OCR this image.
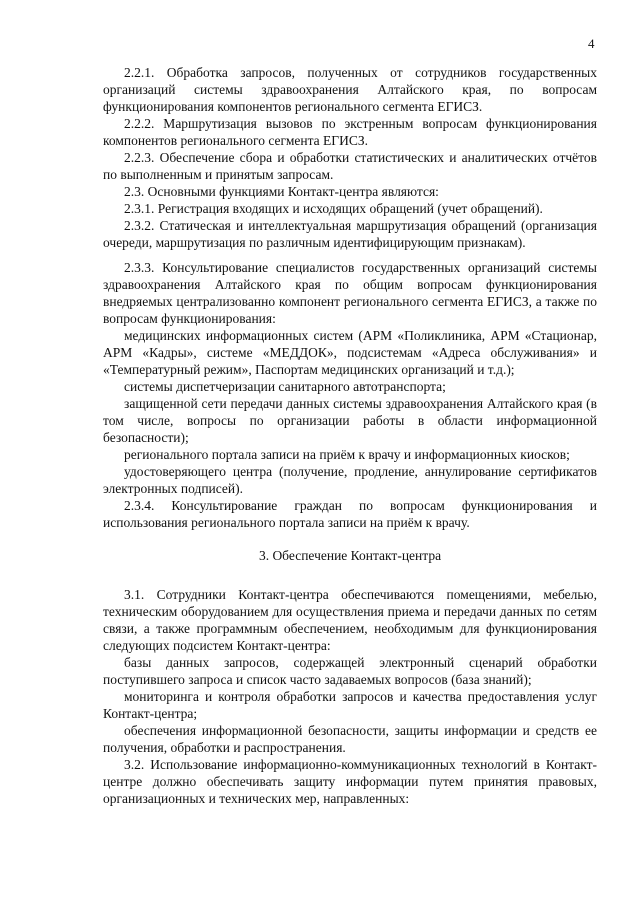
4

2.2.1. Обработка запросов, полученных от сотрудников государственных организаций системы здравоохранения Алтайского края, по вопросам функционирования компонентов регионального сегмента ЕГИСЗ.

2.2.2. Маршрутизация вызовов по экстренным вопросам функционирования компонентов регионального сегмента ЕГИСЗ.

2.2.3. Обеспечение сбора и обработки статистических и аналитических отчётов по выполненным и принятым запросам.

2.3. Основными функциями Контакт-центра являются:

2.3.1. Регистрация входящих и исходящих обращений (учет обращений).

2.3.2. Статическая и интеллектуальная маршрутизация обращений (организация очереди, маршрутизация по различным идентифицирующим признакам).

2.3.3. Консультирование специалистов государственных организаций системы здравоохранения Алтайского края по общим вопросам функционирования внедряемых централизованно компонент регионального сегмента ЕГИСЗ, а также по вопросам функционирования:

медицинских информационных систем (АРМ «Поликлиника, АРМ «Стационар, АРМ «Кадры», системе «МЕДДОК», подсистемам «Адреса обслуживания» и «Температурный режим», Паспортам медицинских организаций и т.д.);

системы диспетчеризации санитарного автотранспорта;

защищенной сети передачи данных системы здравоохранения Алтайского края (в том числе, вопросы по организации работы в области информационной безопасности);

регионального портала записи на приём к врачу и информационных киосков;

удостоверяющего центра (получение, продление, аннулирование сертификатов электронных подписей).

2.3.4. Консультирование граждан по вопросам функционирования и использования регионального портала записи на приём к врачу.

3. Обеспечение Контакт-центра

3.1. Сотрудники Контакт-центра обеспечиваются помещениями, мебелью, техническим оборудованием для осуществления приема и передачи данных по сетям связи, а также программным обеспечением, необходимым для функционирования следующих подсистем Контакт-центра:

базы данных запросов, содержащей электронный сценарий обработки поступившего запроса и список часто задаваемых вопросов (база знаний);

мониторинга и контроля обработки запросов и качества предоставления услуг Контакт-центра;

обеспечения информационной безопасности, защиты информации и средств ее получения, обработки и распространения.

3.2. Использование информационно-коммуникационных технологий в Контакт-центре должно обеспечивать защиту информации путем принятия правовых, организационных и технических мер, направленных:
